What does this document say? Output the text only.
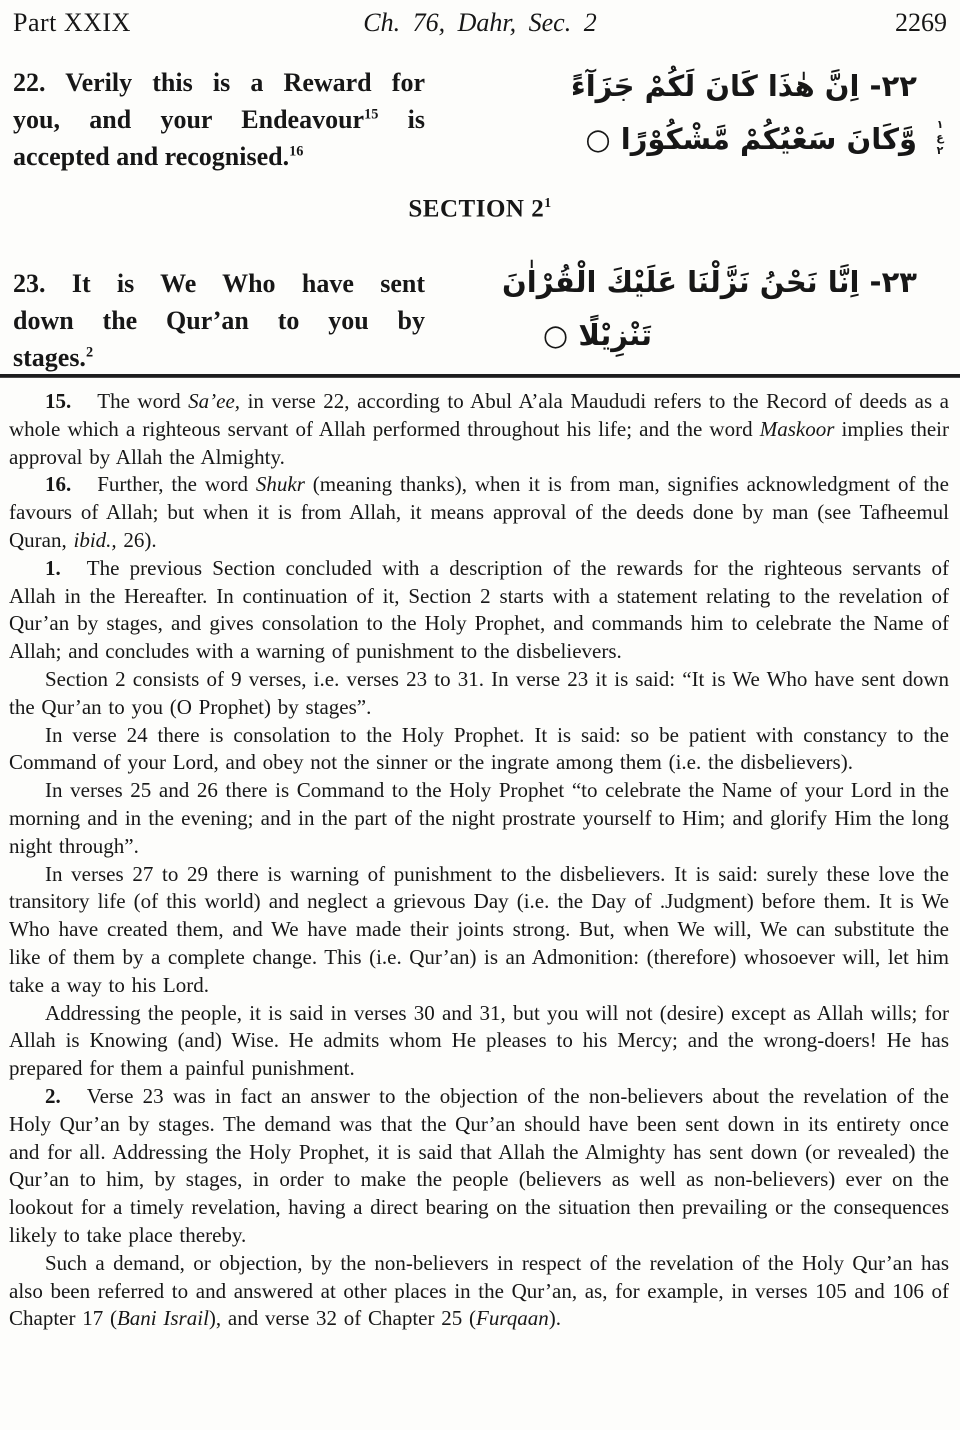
Part XXIX	Ch. 76, Dahr, Sec. 2	2269
22. Verily this is a Reward for
you, and your Endeavour$^{15}$ is
accepted and recognised.$^{16}$
٢٢- اِنَّ هٰذَا كَانَ لَكُمْ جَزَآءً
وَّكَانَ سَعْيُكُمْ مَّشْكُوْرًا ○	١
ع
٢
SECTION $2^1$
23. It is We Who have sent
down the Qur’an to you by
stages.$^2$
٢٣- اِنَّا نَحْنُ نَزَّلْنَا عَلَيْكَ الْقُرْاٰنَ
تَنْزِيْلًا ○

15. The word Sa’ee, in verse 22, according to Abul A’ala Maududi refers to the Record of deeds as a whole which a righteous servant of Allah performed throughout his life; and the word Maskoor implies their approval by Allah the Almighty.

16. Further, the word Shukr (meaning thanks), when it is from man, signifies acknowledgment of the favours of Allah; but when it is from Allah, it means approval of the deeds done by man (see Tafheemul Quran, ibid., 26).

1. The previous Section concluded with a description of the rewards for the righteous servants of Allah in the Hereafter. In continuation of it, Section 2 starts with a statement relating to the revelation of Qur’an by stages, and gives consolation to the Holy Prophet, and commands him to celebrate the Name of Allah; and concludes with a warning of punishment to the disbelievers.

Section 2 consists of 9 verses, i.e. verses 23 to 31. In verse 23 it is said: “It is We Who have sent down the Qur’an to you (O Prophet) by stages”.

In verse 24 there is consolation to the Holy Prophet. It is said: so be patient with constancy to the Command of your Lord, and obey not the sinner or the ingrate among them (i.e. the disbelievers).

In verses 25 and 26 there is Command to the Holy Prophet “to celebrate the Name of your Lord in the morning and in the evening; and in the part of the night prostrate yourself to Him; and glorify Him the long night through”.

In verses 27 to 29 there is warning of punishment to the disbelievers. It is said: surely these love the transitory life (of this world) and neglect a grievous Day (i.e. the Day of .Judgment) before them. It is We Who have created them, and We have made their joints strong. But, when We will, We can substitute the like of them by a complete change. This (i.e. Qur’an) is an Admonition: (therefore) whosoever will, let him take a way to his Lord.

Addressing the people, it is said in verses 30 and 31, but you will not (desire) except as Allah wills; for Allah is Knowing (and) Wise. He admits whom He pleases to his Mercy; and the wrong-doers! He has prepared for them a painful punishment.

2. Verse 23 was in fact an answer to the objection of the non-believers about the revelation of the Holy Qur’an by stages. The demand was that the Qur’an should have been sent down in its entirety once and for all. Addressing the Holy Prophet, it is said that Allah the Almighty has sent down (or revealed) the Qur’an to him, by stages, in order to make the people (believers as well as non-believers) ever on the lookout for a timely revelation, having a direct bearing on the situation then prevailing or the consequences likely to take place thereby.

Such a demand, or objection, by the non-believers in respect of the revelation of the Holy Qur’an has also been referred to and answered at other places in the Qur’an, as, for example, in verses 105 and 106 of Chapter 17 (Bani Israil), and verse 32 of Chapter 25 (Furqaan).
